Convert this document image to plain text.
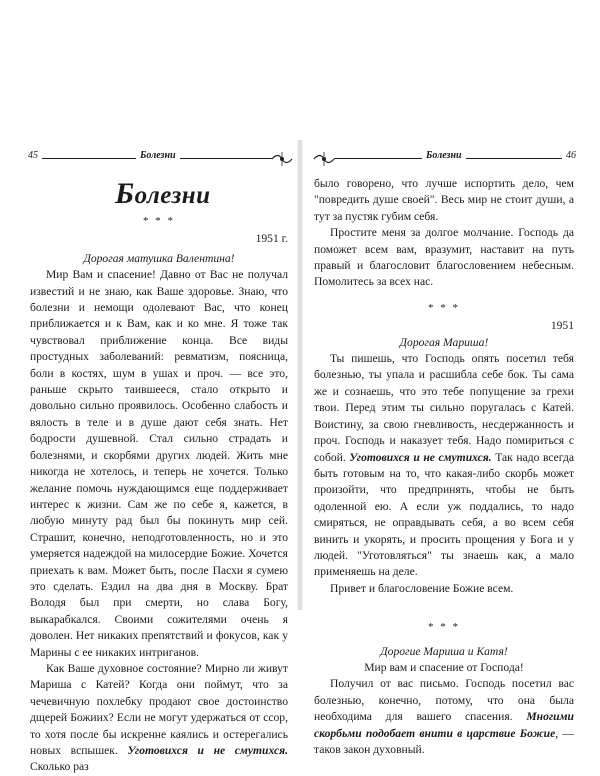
45	Болезни
Болезни

* * *

1951 г.

Дорогая матушка Валентина!

Мир Вам и спасение! Давно от Вас не получал известий и не знаю, как Ваше здоровье. Знаю, что болезни и немощи одолевают Вас, что конец приближается и к Вам, как и ко мне. Я тоже так чувствовал приближение конца. Все виды простудных заболеваний: ревматизм, поясница, боли в костях, шум в ушах и проч. — все это, раньше скрыто таившееся, стало открыто и довольно сильно проявилось. Особенно слабость и вялость в теле и в душе дают себя знать. Нет бодрости душевной. Стал сильно страдать и болезнями, и скорбями других людей. Жить мне никогда не хотелось, и теперь не хочется. Только желание помочь нуждающимся еще поддерживает интерес к жизни. Сам же по себе я, кажется, в любую минуту рад был бы покинуть мир сей. Страшит, конечно, неподготовленность, но и это умеряется надеждой на милосердие Божие. Хочется приехать к вам. Может быть, после Пасхи я сумею это сделать. Ездил на два дня в Москву. Брат Володя был при смерти, но слава Богу, выкарабкался. Своими сожителями очень я доволен. Нет никаких препятствий и фокусов, как у Марины с ее никаких интриганов.

Как Ваше духовное состояние? Мирно ли живут Мариша с Катей? Когда они поймут, что за чечевичную похлебку продают свое достоинство дщерей Божиих? Если не могут удержаться от ссор, то хотя после бы искренне каялись и остерегались новых вспышек. Уготовихся и не смутихся. Сколько раз

Болезни	46

было говорено, что лучше испортить дело, чем "повредить душе своей". Весь мир не стоит души, а тут за пустяк губим себя.

Простите меня за долгое молчание. Господь да поможет всем вам, вразумит, наставит на путь правый и благословит благословением небесным. Помолитесь за всех нас.

* * *

1951

Дорогая Мариша!

Ты пишешь, что Господь опять посетил тебя болезнью, ты упала и расшибла себе бок. Ты сама же и сознаешь, что это тебе попущение за грехи твои. Перед этим ты сильно поругалась с Катей. Воистину, за свою гневливость, несдержанность и проч. Господь и наказует тебя. Надо помириться с собой. Уготовихся и не смутихся. Так надо всегда быть готовым на то, что какая-либо скорбь может произойти, что предпринять, чтобы не быть одоленной ею. А если уж поддались, то надо смиряться, не оправдывать себя, а во всем себя винить и укорять, и просить прощения у Бога и у людей. "Уготовляться" ты знаешь как, а мало применяешь на деле.

Привет и благословение Божие всем.

* * *

Дорогие Мариша и Катя!

Мир вам и спасение от Господа!

Получил от вас письмо. Господь посетил вас болезнью, конечно, потому, что она была необходима для вашего спасения. Многими скорбьми подобает внити в царствие Божие, — таков закон духовный.
